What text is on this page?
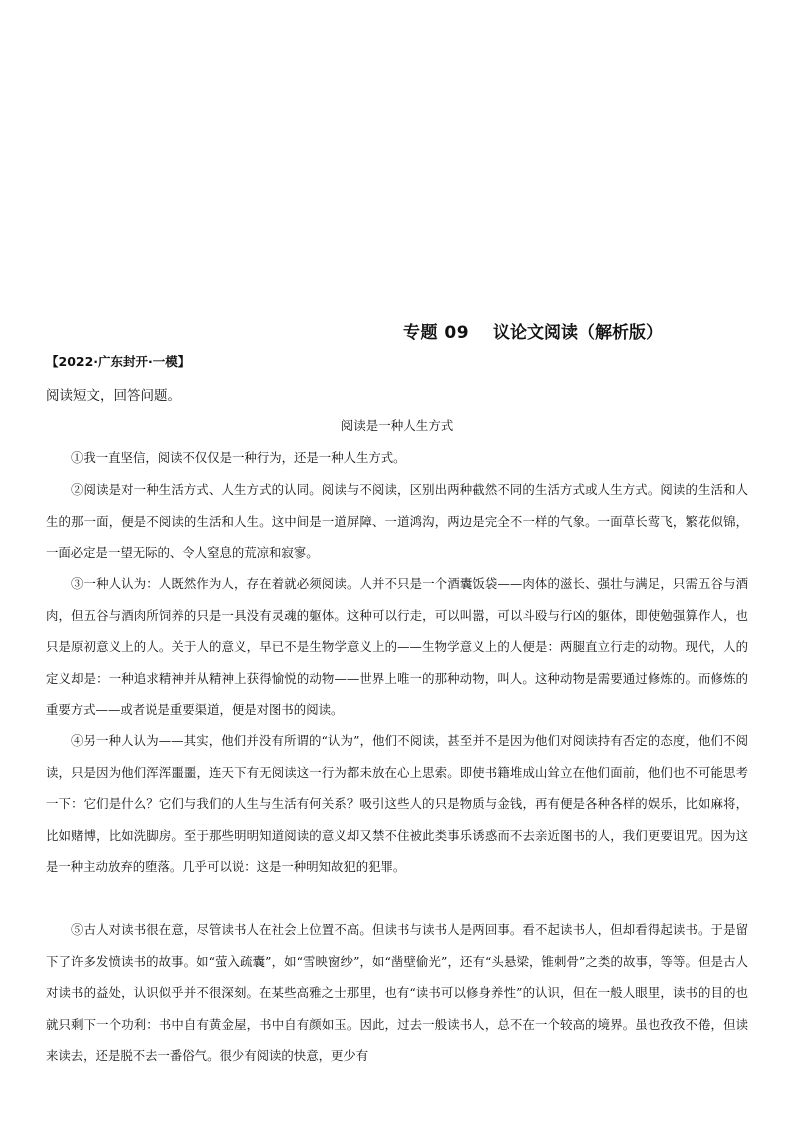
专题 09 议论文阅读（解析版）
【2022·广东封开·一模】
阅读短文，回答问题。
阅读是一种人生方式

①我一直坚信，阅读不仅仅是一种行为，还是一种人生方式。

②阅读是对一种生活方式、人生方式的认同。阅读与不阅读，区别出两种截然不同的生活方式或人生方式。阅读的生活和人生的那一面，便是不阅读的生活和人生。这中间是一道屏障、一道鸿沟，两边是完全不一样的气象。一面草长莺飞，繁花似锦，一面必定是一望无际的、令人窒息的荒凉和寂寥。

③一种人认为：人既然作为人，存在着就必须阅读。人并不只是一个酒囊饭袋——肉体的滋长、强壮与满足，只需五谷与酒肉，但五谷与酒肉所饲养的只是一具没有灵魂的躯体。这种可以行走，可以叫嚣，可以斗殴与行凶的躯体，即使勉强算作人，也只是原初意义上的人。关于人的意义，早已不是生物学意义上的——生物学意义上的人便是：两腿直立行走的动物。现代，人的定义却是：一种追求精神并从精神上获得愉悦的动物——世界上唯一的那种动物，叫人。这种动物是需要通过修炼的。而修炼的重要方式——或者说是重要渠道，便是对图书的阅读。

④另一种人认为——其实，他们并没有所谓的“认为”，他们不阅读，甚至并不是因为他们对阅读持有否定的态度，他们不阅读，只是因为他们浑浑噩噩，连天下有无阅读这一行为都未放在心上思索。即使书籍堆成山耸立在他们面前，他们也不可能思考一下：它们是什么？它们与我们的人生与生活有何关系？吸引这些人的只是物质与金钱，再有便是各种各样的娱乐，比如麻将，比如赌博，比如洗脚房。至于那些明明知道阅读的意义却又禁不住被此类事乐诱惑而不去亲近图书的人，我们更要诅咒。因为这是一种主动放弃的堕落。几乎可以说：这是一种明知故犯的犯罪。

⑤古人对读书很在意，尽管读书人在社会上位置不高。但读书与读书人是两回事。看不起读书人，但却看得起读书。于是留下了许多发愤读书的故事。如“萤入疏囊”，如“雪映窗纱”，如“凿壁偷光”，还有“头悬梁，锥刺骨”之类的故事，等等。但是古人对读书的益处，认识似乎并不很深刻。在某些高雅之士那里，也有“读书可以修身养性”的认识，但在一般人眼里，读书的目的也就只剩下一个功利：书中自有黄金屋，书中自有颜如玉。因此，过去一般读书人，总不在一个较高的境界。虽也孜孜不倦，但读来读去，还是脱不去一番俗气。很少有阅读的快意，更少有
